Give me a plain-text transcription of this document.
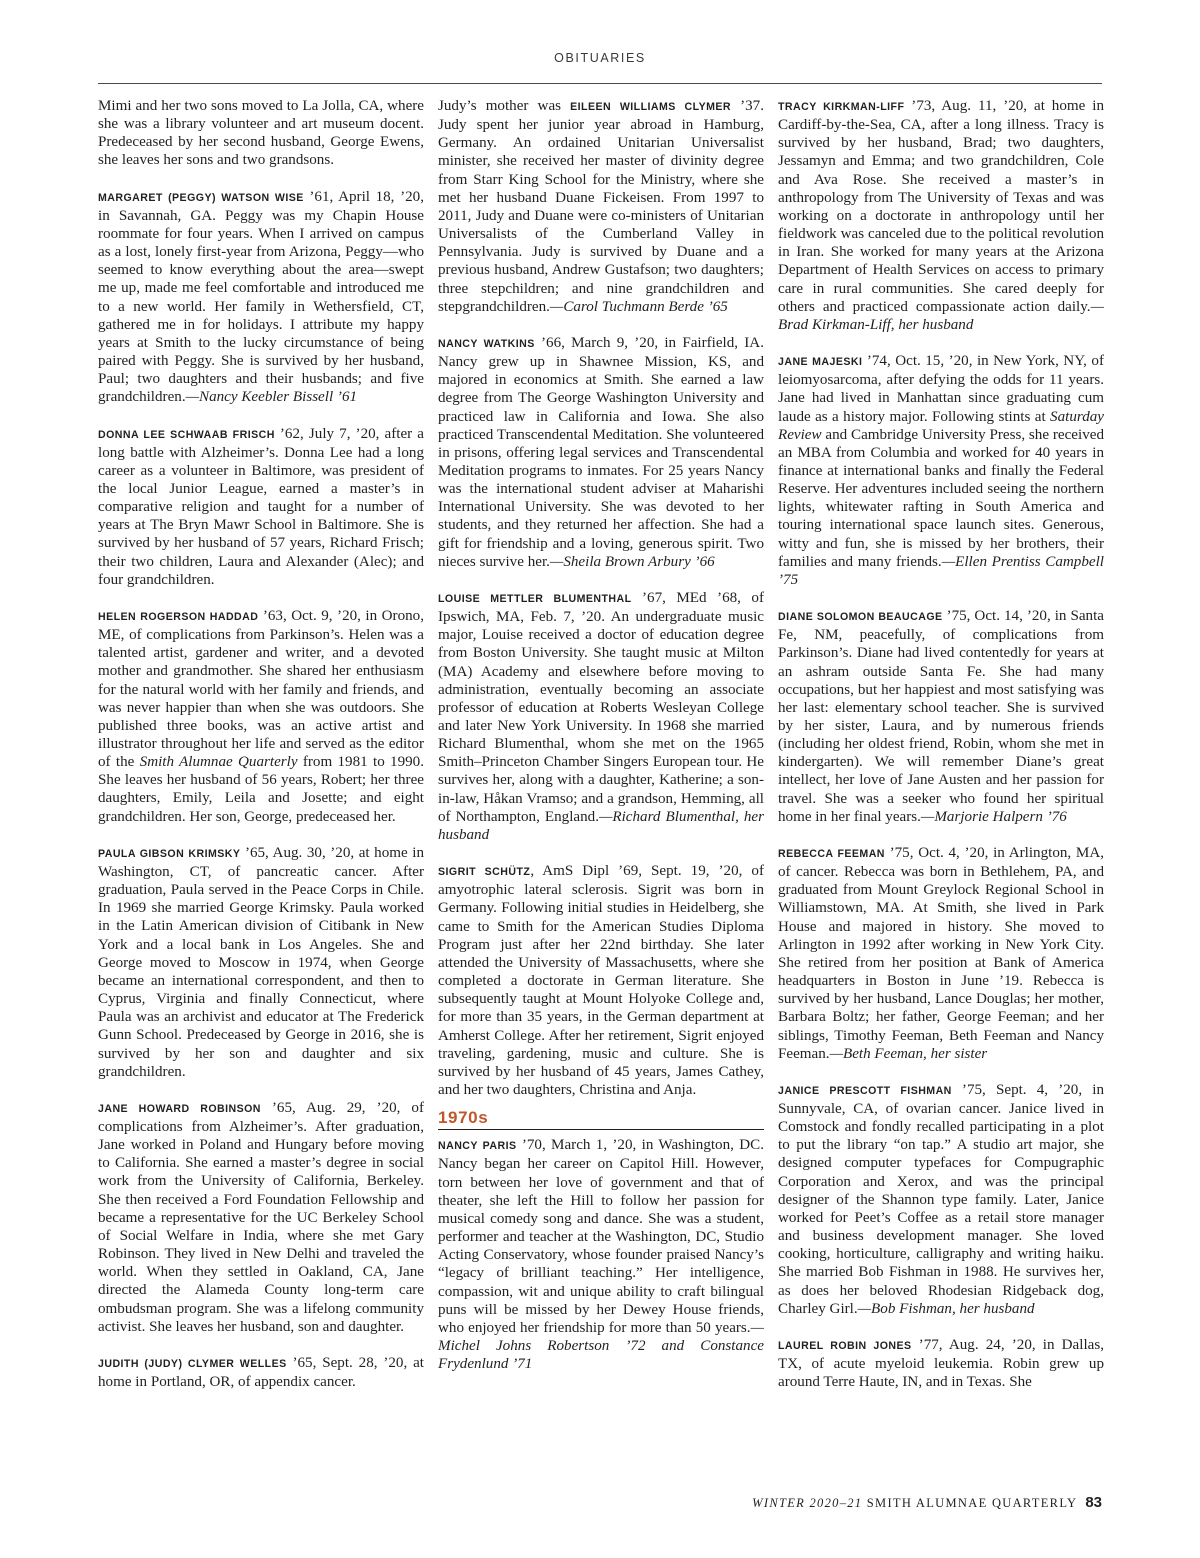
OBITUARIES

Mimi and her two sons moved to La Jolla, CA, where she was a library volunteer and art museum docent. Predeceased by her second husband, George Ewens, she leaves her sons and two grandsons.

MARGARET (PEGGY) WATSON WISE ’61, April 18, ’20, in Savannah, GA. Peggy was my Chapin House roommate for four years. When I arrived on campus as a lost, lonely first-year from Arizona, Peggy—who seemed to know everything about the area—swept me up, made me feel comfortable and introduced me to a new world. Her family in Wethersfield, CT, gathered me in for holidays. I attribute my happy years at Smith to the lucky circumstance of being paired with Peggy. She is survived by her husband, Paul; two daughters and their husbands; and five grandchildren.—Nancy Keebler Bissell ’61

DONNA LEE SCHWAAB FRISCH ’62, July 7, ’20, after a long battle with Alzheimer’s. Donna Lee had a long career as a volunteer in Baltimore, was president of the local Junior League, earned a master’s in comparative religion and taught for a number of years at The Bryn Mawr School in Baltimore. She is survived by her husband of 57 years, Richard Frisch; their two children, Laura and Alexander (Alec); and four grandchildren.

HELEN ROGERSON HADDAD ’63, Oct. 9, ’20, in Orono, ME, of complications from Parkinson’s. Helen was a talented artist, gardener and writer, and a devoted mother and grandmother. She shared her enthusiasm for the natural world with her family and friends, and was never happier than when she was outdoors. She published three books, was an active artist and illustrator throughout her life and served as the editor of the Smith Alumnae Quarterly from 1981 to 1990. She leaves her husband of 56 years, Robert; her three daughters, Emily, Leila and Josette; and eight grandchildren. Her son, George, predeceased her.

PAULA GIBSON KRIMSKY ’65, Aug. 30, ’20, at home in Washington, CT, of pancreatic cancer. After graduation, Paula served in the Peace Corps in Chile. In 1969 she married George Krimsky. Paula worked in the Latin American division of Citibank in New York and a local bank in Los Angeles. She and George moved to Moscow in 1974, when George became an international correspondent, and then to Cyprus, Virginia and finally Connecticut, where Paula was an archivist and educator at The Frederick Gunn School. Predeceased by George in 2016, she is survived by her son and daughter and six grandchildren.

JANE HOWARD ROBINSON ’65, Aug. 29, ’20, of complications from Alzheimer’s. After graduation, Jane worked in Poland and Hungary before moving to California. She earned a master’s degree in social work from the University of California, Berkeley. She then received a Ford Foundation Fellowship and became a representative for the UC Berkeley School of Social Welfare in India, where she met Gary Robinson. They lived in New Delhi and traveled the world. When they settled in Oakland, CA, Jane directed the Alameda County long-term care ombudsman program. She was a lifelong community activist. She leaves her husband, son and daughter.

JUDITH (JUDY) CLYMER WELLES ’65, Sept. 28, ’20, at home in Portland, OR, of appendix cancer.

Judy’s mother was EILEEN WILLIAMS CLYMER ’37. Judy spent her junior year abroad in Hamburg, Germany. An ordained Unitarian Universalist minister, she received her master of divinity degree from Starr King School for the Ministry, where she met her husband Duane Fickeisen. From 1997 to 2011, Judy and Duane were co-ministers of Unitarian Universalists of the Cumberland Valley in Pennsylvania. Judy is survived by Duane and a previous husband, Andrew Gustafson; two daughters; three stepchildren; and nine grandchildren and stepgrandchildren.—Carol Tuchmann Berde ’65

NANCY WATKINS ’66, March 9, ’20, in Fairfield, IA. Nancy grew up in Shawnee Mission, KS, and majored in economics at Smith. She earned a law degree from The George Washington University and practiced law in California and Iowa. She also practiced Transcendental Meditation. She volunteered in prisons, offering legal services and Transcendental Meditation programs to inmates. For 25 years Nancy was the international student adviser at Maharishi International University. She was devoted to her students, and they returned her affection. She had a gift for friendship and a loving, generous spirit. Two nieces survive her.—Sheila Brown Arbury ’66

LOUISE METTLER BLUMENTHAL ’67, MEd ’68, of Ipswich, MA, Feb. 7, ’20. An undergraduate music major, Louise received a doctor of education degree from Boston University. She taught music at Milton (MA) Academy and elsewhere before moving to administration, eventually becoming an associate professor of education at Roberts Wesleyan College and later New York University. In 1968 she married Richard Blumenthal, whom she met on the 1965 Smith–Princeton Chamber Singers European tour. He survives her, along with a daughter, Katherine; a son-in-law, Håkan Vramso; and a grandson, Hemming, all of Northampton, England.—Richard Blumenthal, her husband

SIGRIT SCHÜTZ, AmS Dipl ’69, Sept. 19, ’20, of amyotrophic lateral sclerosis. Sigrit was born in Germany. Following initial studies in Heidelberg, she came to Smith for the American Studies Diploma Program just after her 22nd birthday. She later attended the University of Massachusetts, where she completed a doctorate in German literature. She subsequently taught at Mount Holyoke College and, for more than 35 years, in the German department at Amherst College. After her retirement, Sigrit enjoyed traveling, gardening, music and culture. She is survived by her husband of 45 years, James Cathey, and her two daughters, Christina and Anja.

1970s

NANCY PARIS ’70, March 1, ’20, in Washington, DC. Nancy began her career on Capitol Hill. However, torn between her love of government and that of theater, she left the Hill to follow her passion for musical comedy song and dance. She was a student, performer and teacher at the Washington, DC, Studio Acting Conservatory, whose founder praised Nancy’s “legacy of brilliant teaching.” Her intelligence, compassion, wit and unique ability to craft bilingual puns will be missed by her Dewey House friends, who enjoyed her friendship for more than 50 years.—Michel Johns Robertson ’72 and Constance Frydenlund ’71

TRACY KIRKMAN-LIFF ’73, Aug. 11, ’20, at home in Cardiff-by-the-Sea, CA, after a long illness. Tracy is survived by her husband, Brad; two daughters, Jessamyn and Emma; and two grandchildren, Cole and Ava Rose. She received a master’s in anthropology from The University of Texas and was working on a doctorate in anthropology until her fieldwork was canceled due to the political revolution in Iran. She worked for many years at the Arizona Department of Health Services on access to primary care in rural communities. She cared deeply for others and practiced compassionate action daily.—Brad Kirkman-Liff, her husband

JANE MAJESKI ’74, Oct. 15, ’20, in New York, NY, of leiomyosarcoma, after defying the odds for 11 years. Jane had lived in Manhattan since graduating cum laude as a history major. Following stints at Saturday Review and Cambridge University Press, she received an MBA from Columbia and worked for 40 years in finance at international banks and finally the Federal Reserve. Her adventures included seeing the northern lights, whitewater rafting in South America and touring international space launch sites. Generous, witty and fun, she is missed by her brothers, their families and many friends.—Ellen Prentiss Campbell ’75

DIANE SOLOMON BEAUCAGE ’75, Oct. 14, ’20, in Santa Fe, NM, peacefully, of complications from Parkinson’s. Diane had lived contentedly for years at an ashram outside Santa Fe. She had many occupations, but her happiest and most satisfying was her last: elementary school teacher. She is survived by her sister, Laura, and by numerous friends (including her oldest friend, Robin, whom she met in kindergarten). We will remember Diane’s great intellect, her love of Jane Austen and her passion for travel. She was a seeker who found her spiritual home in her final years.—Marjorie Halpern ’76

REBECCA FEEMAN ’75, Oct. 4, ’20, in Arlington, MA, of cancer. Rebecca was born in Bethlehem, PA, and graduated from Mount Greylock Regional School in Williamstown, MA. At Smith, she lived in Park House and majored in history. She moved to Arlington in 1992 after working in New York City. She retired from her position at Bank of America headquarters in Boston in June ’19. Rebecca is survived by her husband, Lance Douglas; her mother, Barbara Boltz; her father, George Feeman; and her siblings, Timothy Feeman, Beth Feeman and Nancy Feeman.—Beth Feeman, her sister

JANICE PRESCOTT FISHMAN ’75, Sept. 4, ’20, in Sunnyvale, CA, of ovarian cancer. Janice lived in Comstock and fondly recalled participating in a plot to put the library “on tap.” A studio art major, she designed computer typefaces for Compugraphic Corporation and Xerox, and was the principal designer of the Shannon type family. Later, Janice worked for Peet’s Coffee as a retail store manager and business development manager. She loved cooking, horticulture, calligraphy and writing haiku. She married Bob Fishman in 1988. He survives her, as does her beloved Rhodesian Ridgeback dog, Charley Girl.—Bob Fishman, her husband

LAUREL ROBIN JONES ’77, Aug. 24, ’20, in Dallas, TX, of acute myeloid leukemia. Robin grew up around Terre Haute, IN, and in Texas. She

WINTER 2020–21 SMITH ALUMNAE QUARTERLY 83
